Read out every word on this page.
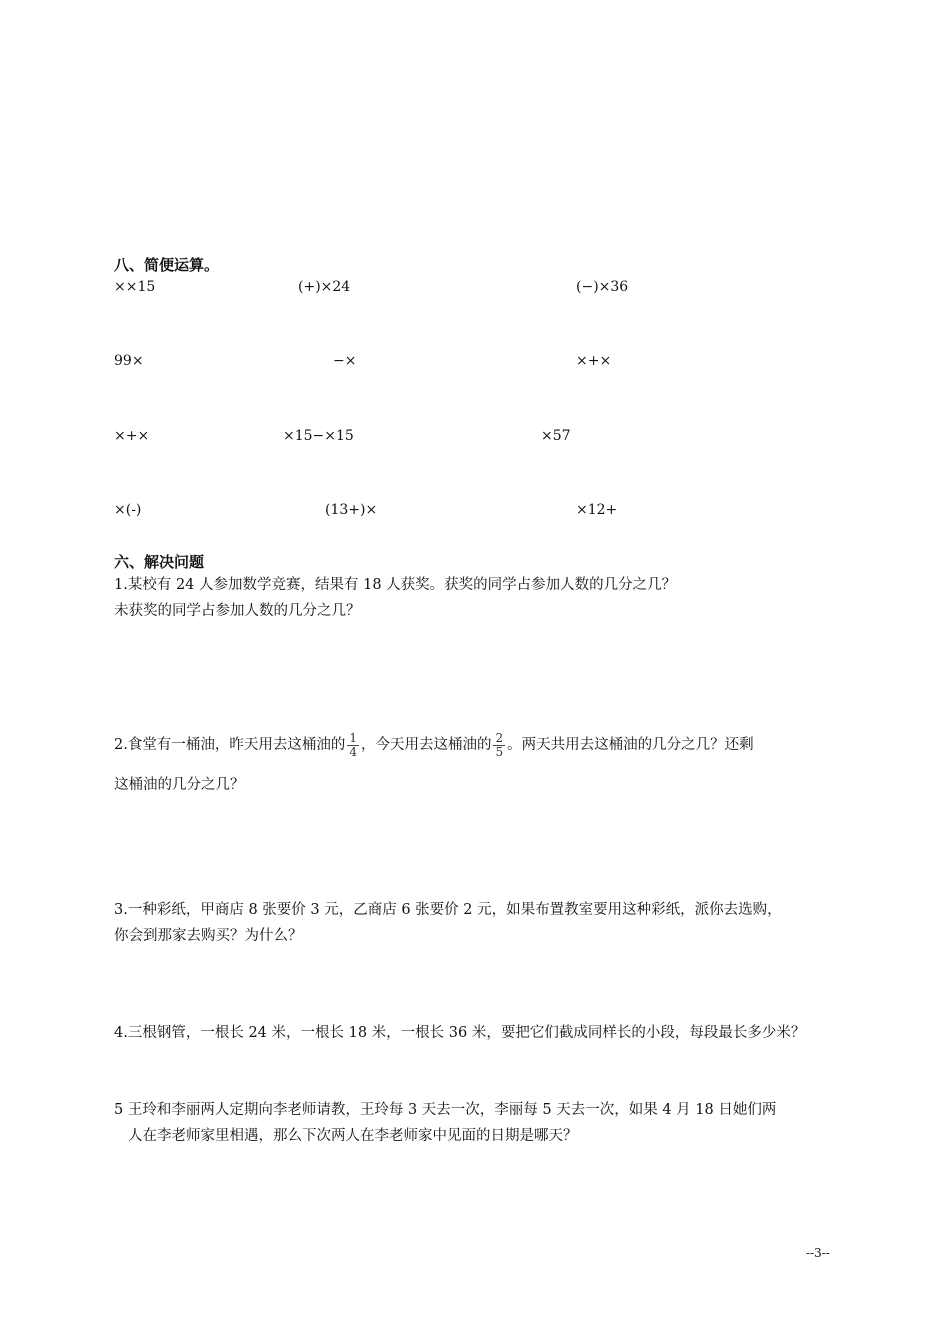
八、简便运算。
××15	(+)×24	(−)×36
99×	−×	×+×
×+×	×15−×15	×57
×(-)	(13+)×	×12+
六、解决问题
1.某校有 24 人参加数学竞赛，结果有 18 人获奖。获奖的同学占参加人数的几分之几？
未获奖的同学占参加人数的几分之几？
2.食堂有一桶油，昨天用去这桶油的 $\frac{1}{4}$ ，今天用去这桶油的 $\frac{2}{5}$ 。两天共用去这桶油的几分之几？还剩
这桶油的几分之几？
3.一种彩纸，甲商店 8 张要价 3 元，乙商店 6 张要价 2 元，如果布置教室要用这种彩纸，派你去选购，
你会到那家去购买？为什么？
4.三根钢管，一根长 24 米，一根长 18 米，一根长 36 米，要把它们截成同样长的小段，每段最长多少米？
5 王玲和李丽两人定期向李老师请教，王玲每 3 天去一次，李丽每 5 天去一次，如果 4 月 18 日她们两
人在李老师家里相遇，那么下次两人在李老师家中见面的日期是哪天？
--3--
